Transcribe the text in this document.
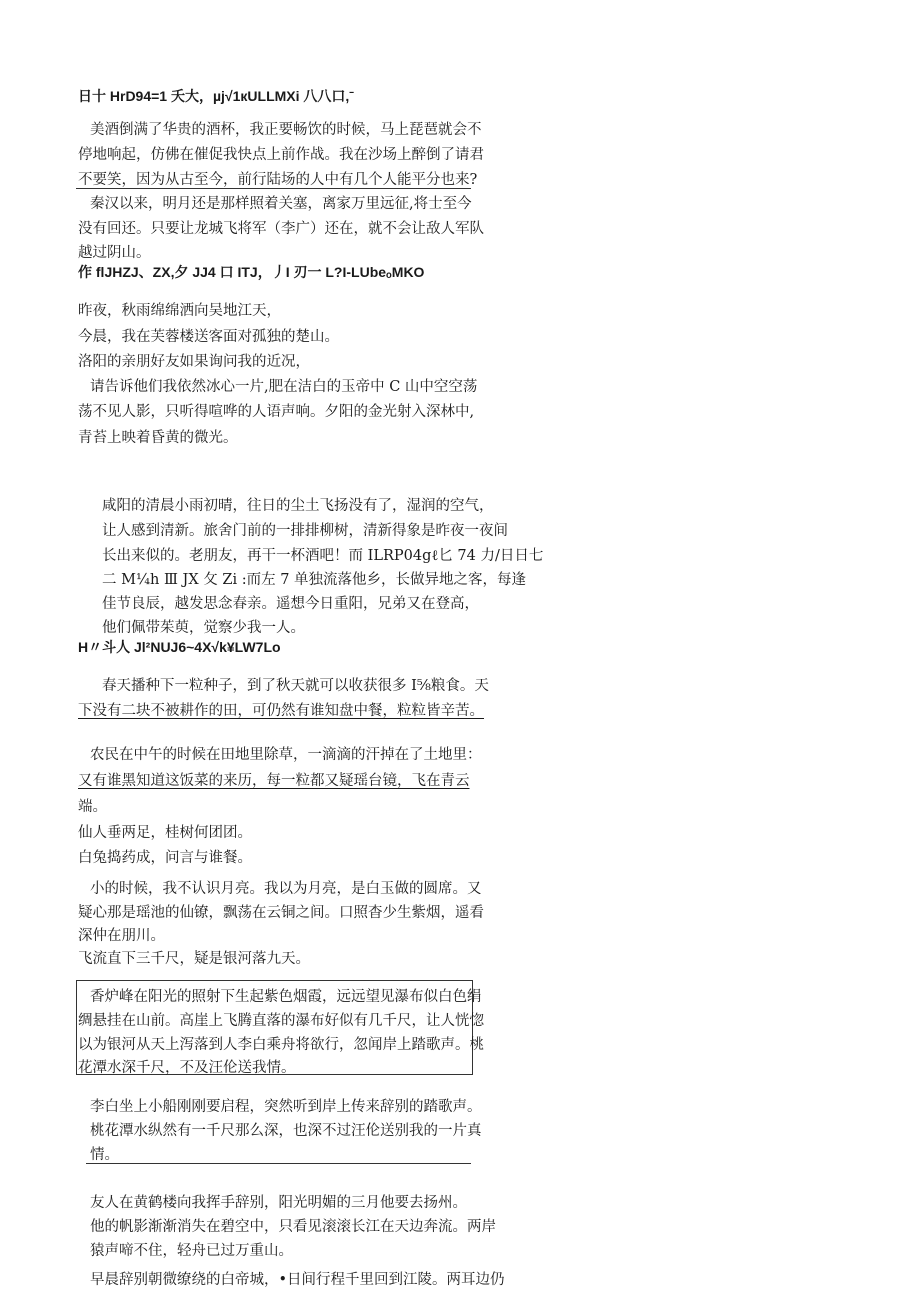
日十 HrD94=1 夭大，µj√1кULLMXi 八八口,ˉ
美酒倒满了华贵的酒杯，我正要畅饮的时候，马上琵琶就会不
停地响起，仿佛在催促我快点上前作战。我在沙场上醉倒了请君
不要笑，因为从古至今，前行陆场的人中有几个人能平分也来?
秦汉以来，明月还是那样照着关塞，离家万里远征,将士至今
没有回还。只要让龙城飞将军（李广）还在，就不会让敌人军队
越过阴山。
作 flJHZJ、ZX,夕 JJ4 口 ITJ，丿I 刃一 L?I-LUbeₒMKO
昨夜，秋雨绵绵洒向吴地江天，
今晨，我在芙蓉楼送客面对孤独的楚山。
洛阳的亲朋好友如果询问我的近况，
请告诉他们我依然冰心一片,肥在洁白的玉帝中 C 山中空空荡
荡不见人影，只听得喧哗的人语声响。夕阳的金光射入深林中,
青苔上映着昏黄的微光。
咸阳的清晨小雨初晴，往日的尘土飞扬没有了，湿润的空气，
让人感到清新。旅舍门前的一排排柳树，清新得象是昨夜一夜间
长出来似的。老朋友，再干一杯酒吧！而 ILRP04gℓ匕 74 力/日日七
二 M¼h Ⅲ JX 攵 Zi :而左 7 单独流落他乡，长做异地之客，每逢
佳节良辰，越发思念春亲。遥想今日重阳，兄弟又在登高，
他们佩带茱萸，觉察少我一人。
H〃斗人 Jl²NUJ6~4X√k¥LW7Lo
春天播种下一粒种子，到了秋天就可以收获很多 I⅝粮食。天
下没有二块不被耕作的田，可仍然有谁知盘中餐，粒粒皆辛苦。
农民在中午的时候在田地里除草，一滴滴的汗掉在了土地里：
又有谁黑知道这饭菜的来历，每一粒都又疑瑶台镜，飞在青云
端。
仙人垂两足，桂树何团团。
白兔捣药成，问言与谁餐。
小的时候，我不认识月亮。我以为月亮，是白玉做的圆席。又
疑心那是瑶池的仙镣，飘荡在云铜之间。口照杳少生紫烟，遥看
深仲在朋川。
飞流直下三千尺，疑是银河落九天。
香炉峰在阳光的照射下生起紫色烟霞，远远望见瀑布似白色绢
绸悬挂在山前。高崖上飞腾直落的瀑布好似有几千尺，让人恍惚
以为银河从天上泻落到人李白乘舟将欲行，忽闻岸上踏歌声。桃
花潭水深千尺，不及汪伦送我情。
李白坐上小船刚刚要启程，突然听到岸上传来辞别的踏歌声。
桃花潭水纵然有一千尺那么深，也深不过汪伦送别我的一片真
情。
友人在黄鹤楼向我挥手辞别，阳光明媚的三月他要去扬州。
他的帆影渐渐消失在碧空中，只看见滚滚长江在天边奔流。两岸
猿声啼不住，轻舟已过万重山。
早晨辞别朝微缭绕的白帝城，•日间行程千里回到江陵。两耳边仍
